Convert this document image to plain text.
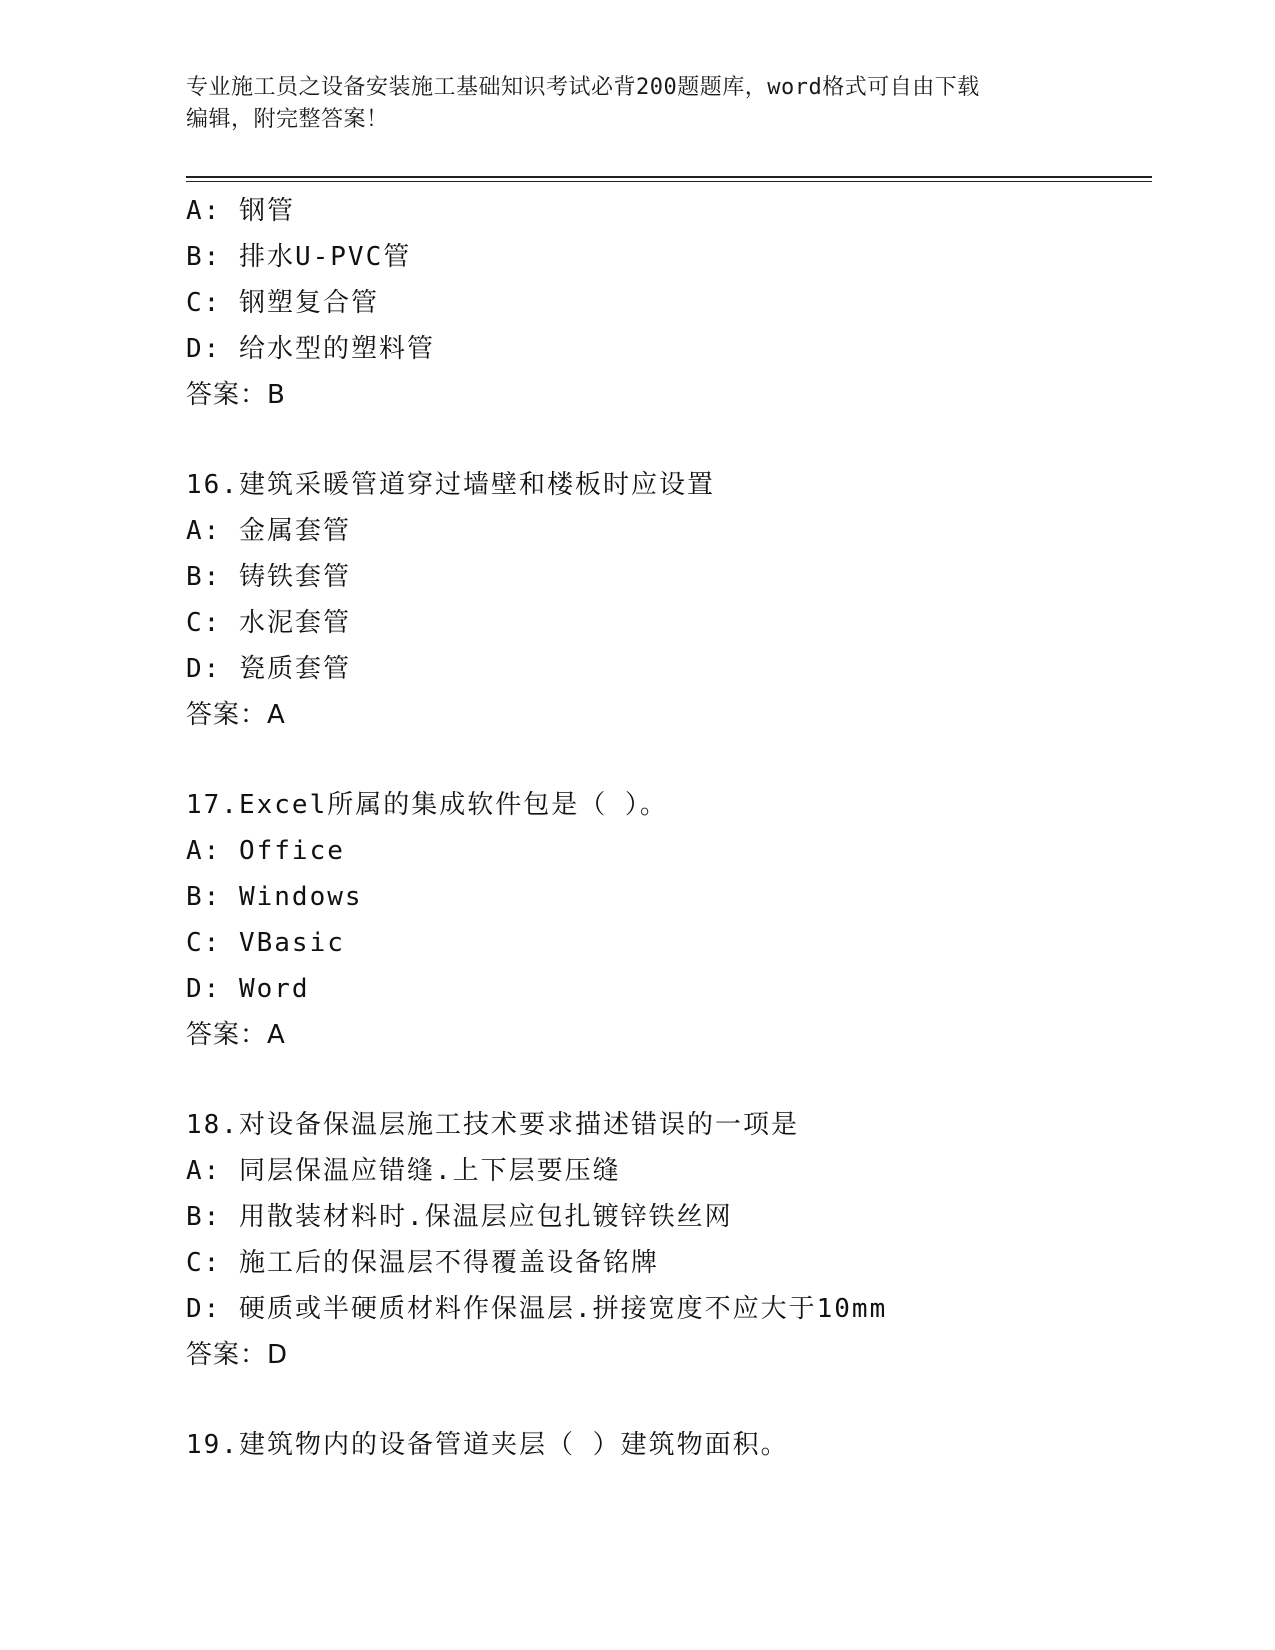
专业施工员之设备安装施工基础知识考试必背200题题库，word格式可自由下载
编辑，附完整答案！
A: 钢管
B: 排水U-PVC管
C: 钢塑复合管
D: 给水型的塑料管
答案：B
16.建筑采暖管道穿过墙壁和楼板时应设置
A: 金属套管
B: 铸铁套管
C: 水泥套管
D: 瓷质套管
答案：A
17.Excel所属的集成软件包是（ ）。
A: Office
B: Windows
C: VBasic
D: Word
答案：A
18.对设备保温层施工技术要求描述错误的一项是
A: 同层保温应错缝.上下层要压缝
B: 用散装材料时.保温层应包扎镀锌铁丝网
C: 施工后的保温层不得覆盖设备铭牌
D: 硬质或半硬质材料作保温层.拼接宽度不应大于10mm
答案：D
19.建筑物内的设备管道夹层（ ）建筑物面积。
